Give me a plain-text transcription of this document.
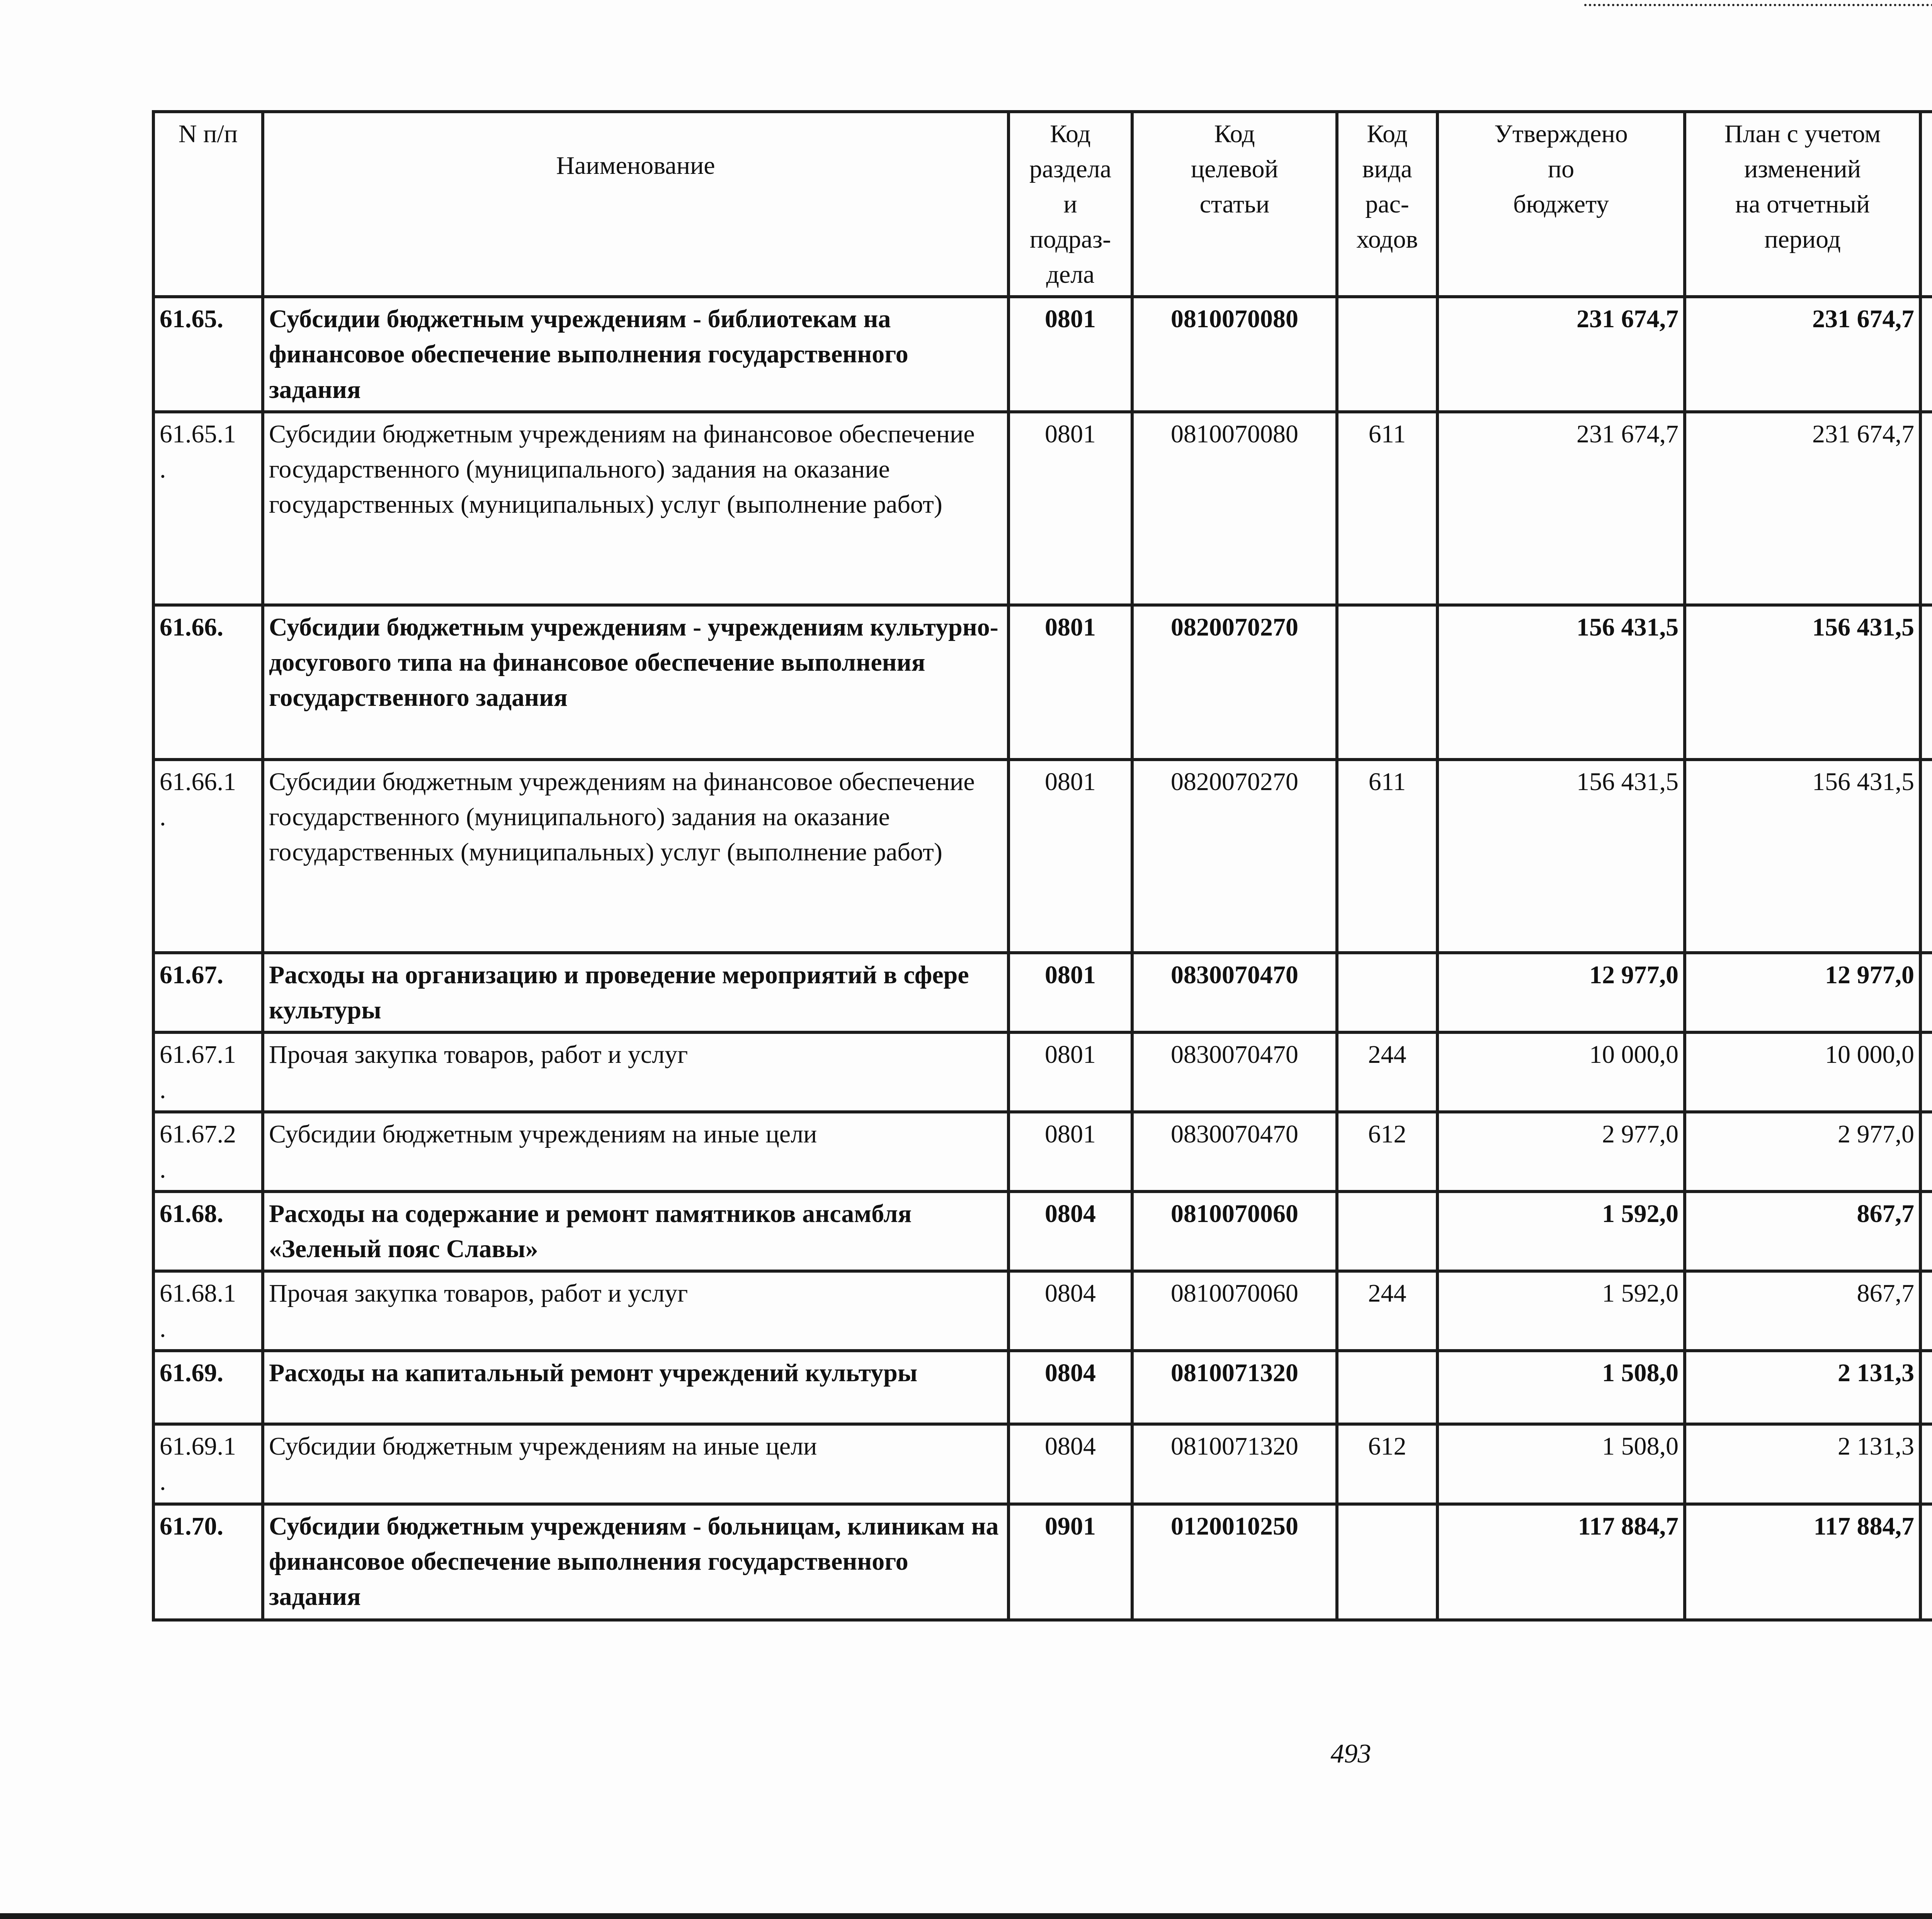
N п/п	Наименование	Код
раздела
и
подраз-
дела	Код
целевой
статьи	Код
вида
рас-
ходов	Утверждено
по
бюджету	План с учетом
изменений
на отчетный
период		

61.65.	Субсидии бюджетным учреждениям - библиотекам на финансовое обеспечение выполнения государственного задания	0801	0810070080		231 674,7	231 674,7			
61.65.1
.	Субсидии бюджетным учреждениям на финансовое обеспечение государственного (муниципального) задания на оказание государственных (муниципальных) услуг (выполнение работ)	0801	0810070080	611	231 674,7	231 674,7			
61.66.	Субсидии бюджетным учреждениям - учреждениям культурно-досугового типа на финансовое обеспечение выполнения государственного задания	0801	0820070270		156 431,5	156 431,5			
61.66.1
.	Субсидии бюджетным учреждениям на финансовое обеспечение государственного (муниципального) задания на оказание государственных (муниципальных) услуг (выполнение работ)	0801	0820070270	611	156 431,5	156 431,5			
61.67.	Расходы на организацию и проведение мероприятий в сфере культуры	0801	0830070470		12 977,0	12 977,0			
61.67.1
.	Прочая закупка товаров, работ и услуг	0801	0830070470	244	10 000,0	10 000,0			
61.67.2
.	Субсидии бюджетным учреждениям на иные цели	0801	0830070470	612	2 977,0	2 977,0			
61.68.	Расходы на содержание и ремонт памятников ансамбля «Зеленый пояс Славы»	0804	0810070060		1 592,0	867,7			
61.68.1
.	Прочая закупка товаров, работ и услуг	0804	0810070060	244	1 592,0	867,7			
61.69.	Расходы на капитальный ремонт учреждений культуры	0804	0810071320		1 508,0	2 131,3			
61.69.1
.	Субсидии бюджетным учреждениям на иные цели	0804	0810071320	612	1 508,0	2 131,3			
61.70.	Субсидии бюджетным учреждениям - больницам, клиникам на финансовое обеспечение выполнения государственного задания	0901	0120010250		117 884,7	117 884,7			
493
